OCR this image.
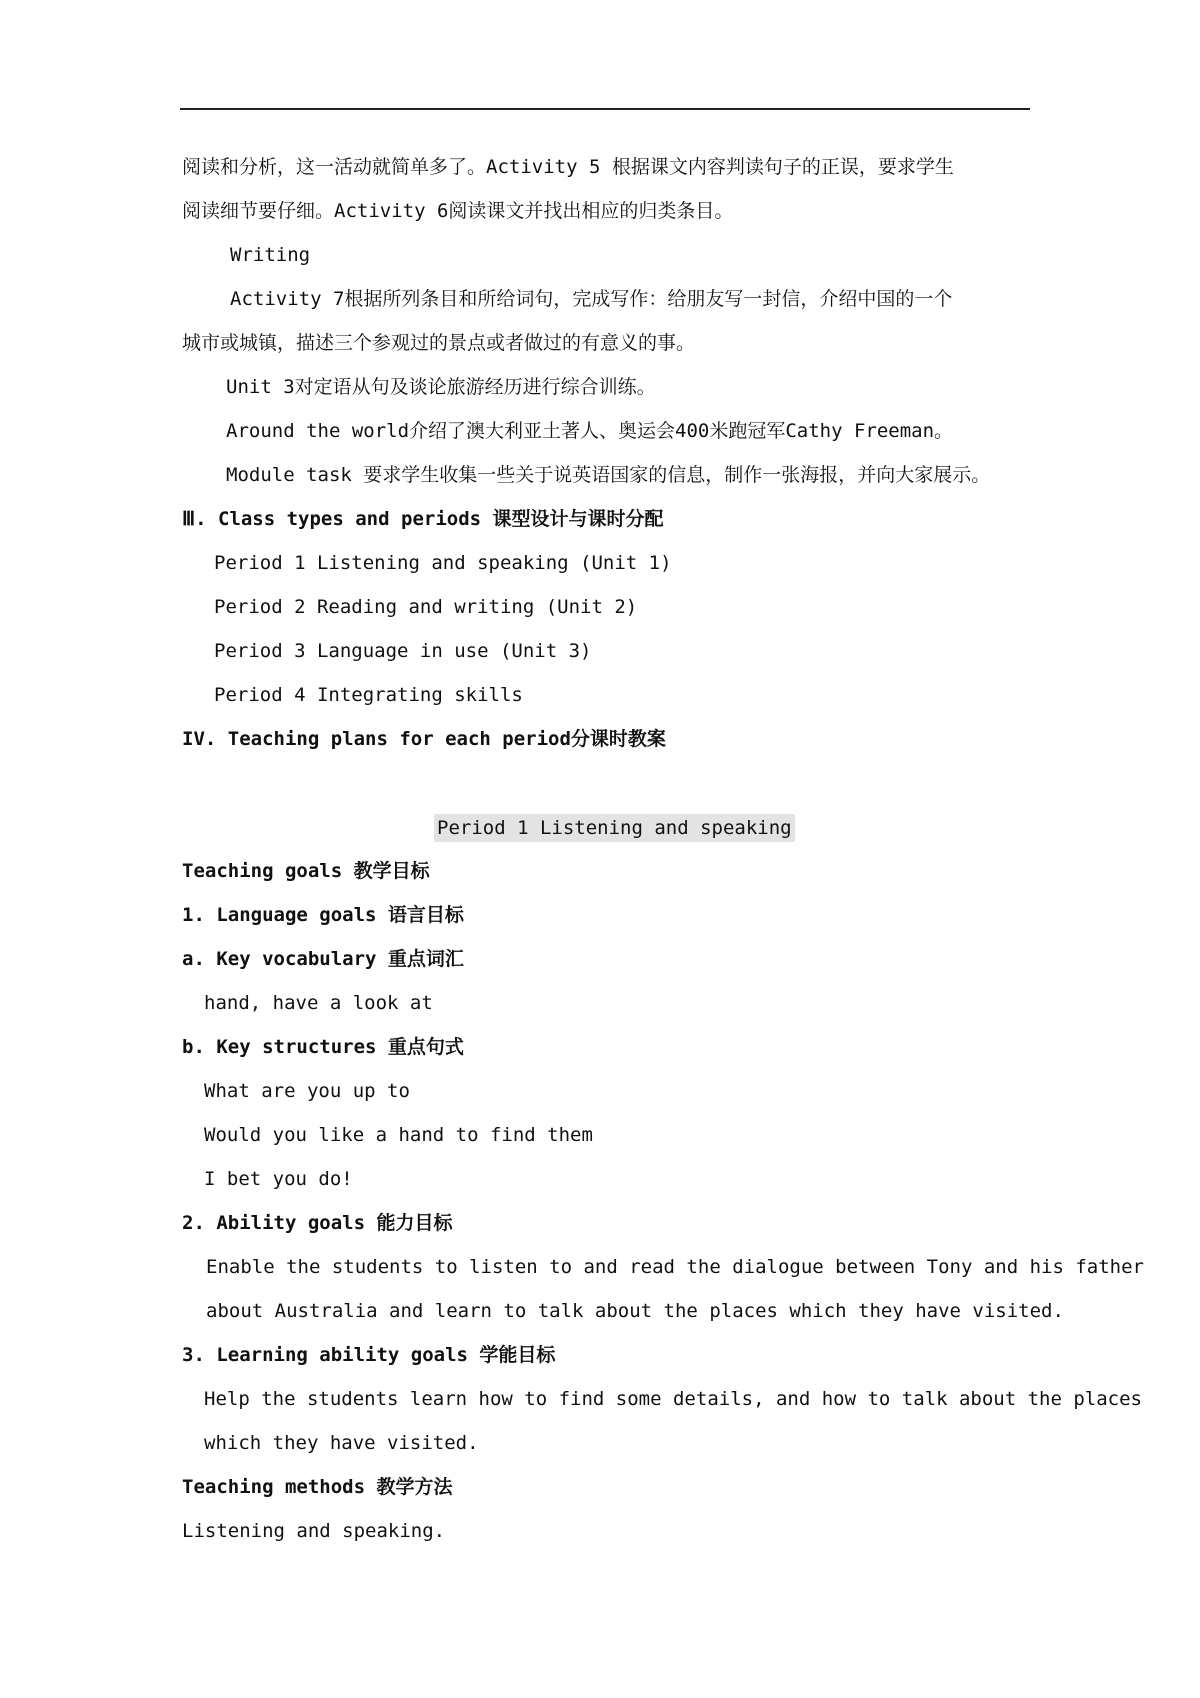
阅读和分析，这一活动就简单多了。Activity 5 根据课文内容判读句子的正误，要求学生
阅读细节要仔细。Activity 6阅读课文并找出相应的归类条目。
Writing
Activity 7根据所列条目和所给词句，完成写作：给朋友写一封信，介绍中国的一个
城市或城镇，描述三个参观过的景点或者做过的有意义的事。
Unit 3对定语从句及谈论旅游经历进行综合训练。
Around the world介绍了澳大利亚土著人、奥运会400米跑冠军Cathy Freeman。
Module task 要求学生收集一些关于说英语国家的信息，制作一张海报，并向大家展示。
Ⅲ. Class types and periods 课型设计与课时分配
Period 1 Listening and speaking (Unit 1)
Period 2 Reading and writing (Unit 2)
Period 3 Language in use (Unit 3)
Period 4 Integrating skills
IV. Teaching plans for each period分课时教案
Period 1 Listening and speaking
Teaching goals 教学目标
1. Language goals 语言目标
a. Key vocabulary 重点词汇
hand, have a look at
b. Key structures 重点句式
What are you up to
Would you like a hand to find them
I bet you do!
2. Ability goals 能力目标
Enable the students to listen to and read the dialogue between Tony and his father
about Australia and learn to talk about the places which they have visited.
3. Learning ability goals 学能目标
Help the students learn how to find some details, and how to talk about the places
which they have visited.
Teaching methods 教学方法
Listening and speaking.
